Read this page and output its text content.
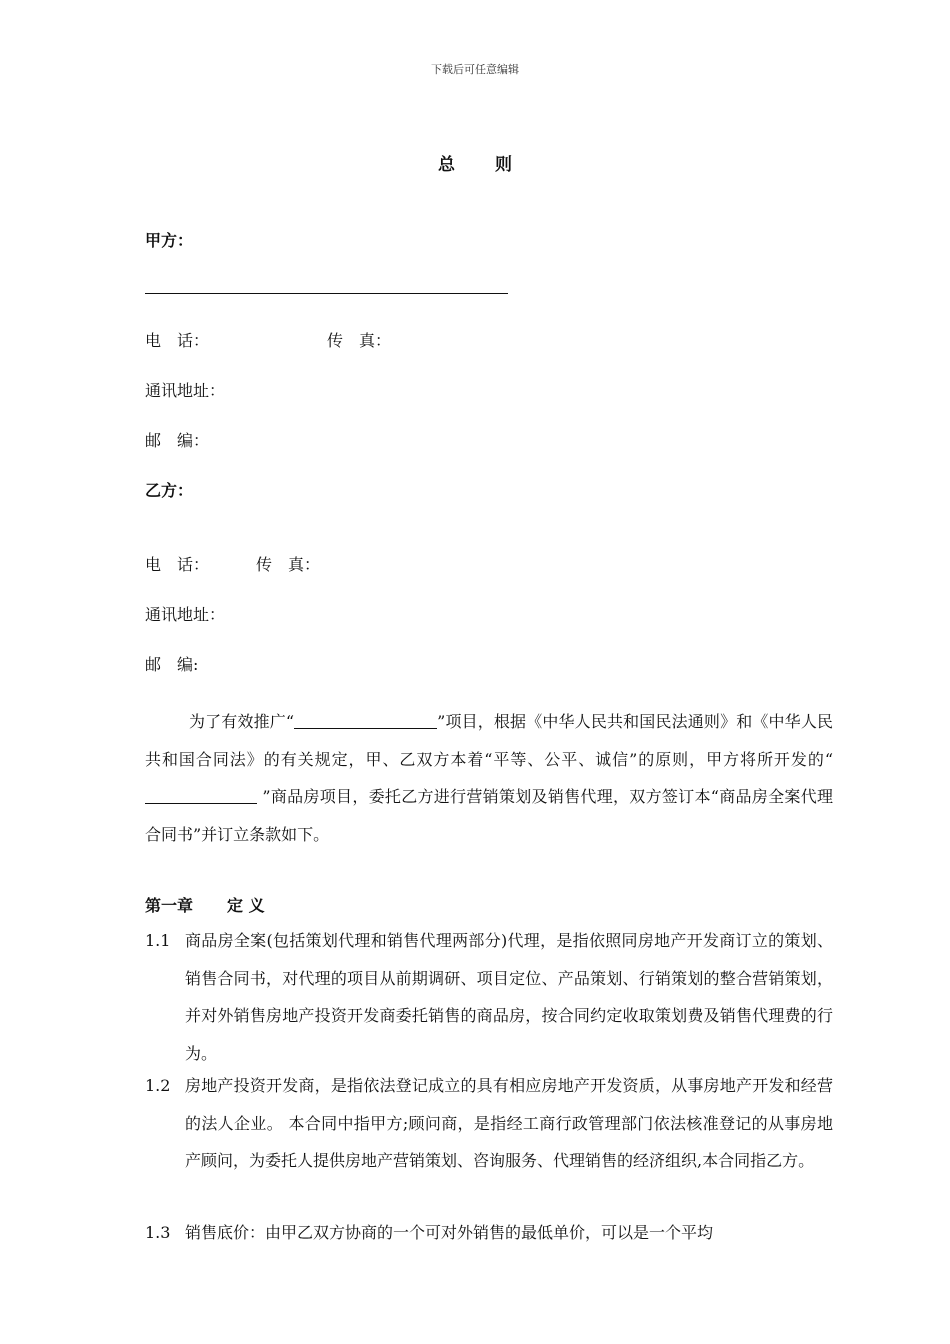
下载后可任意编辑
总则
甲方：
电　话：	传　真：
通讯地址：
邮　编：
乙方：
电　话：	传　真：
通讯地址：
邮　编:
为了有效推广“	”项目，根据《中华人民共和国民法通则》和《中华人民共和国合同法》的有关规定，甲、乙双方本着“平等、公平、诚信”的原则，甲方将所开发的“ ”商品房项目，委托乙方进行营销策划及销售代理，双方签订本“商品房全案代理合同书”并订立条款如下。
第一章 定 义
1.1 商品房全案(包括策划代理和销售代理两部分)代理，是指依照同房地产开发商订立的策划、销售合同书，对代理的项目从前期调研、项目定位、产品策划、行销策划的整合营销策划，并对外销售房地产投资开发商委托销售的商品房，按合同约定收取策划费及销售代理费的行为。
1.2 房地产投资开发商，是指依法登记成立的具有相应房地产开发资质，从事房地产开发和经营的法人企业。 本合同中指甲方;顾问商，是指经工商行政管理部门依法核准登记的从事房地产顾问，为委托人提供房地产营销策划、咨询服务、代理销售的经济组织,本合同指乙方。
1.3 销售底价：由甲乙双方协商的一个可对外销售的最低单价，可以是一个平均
